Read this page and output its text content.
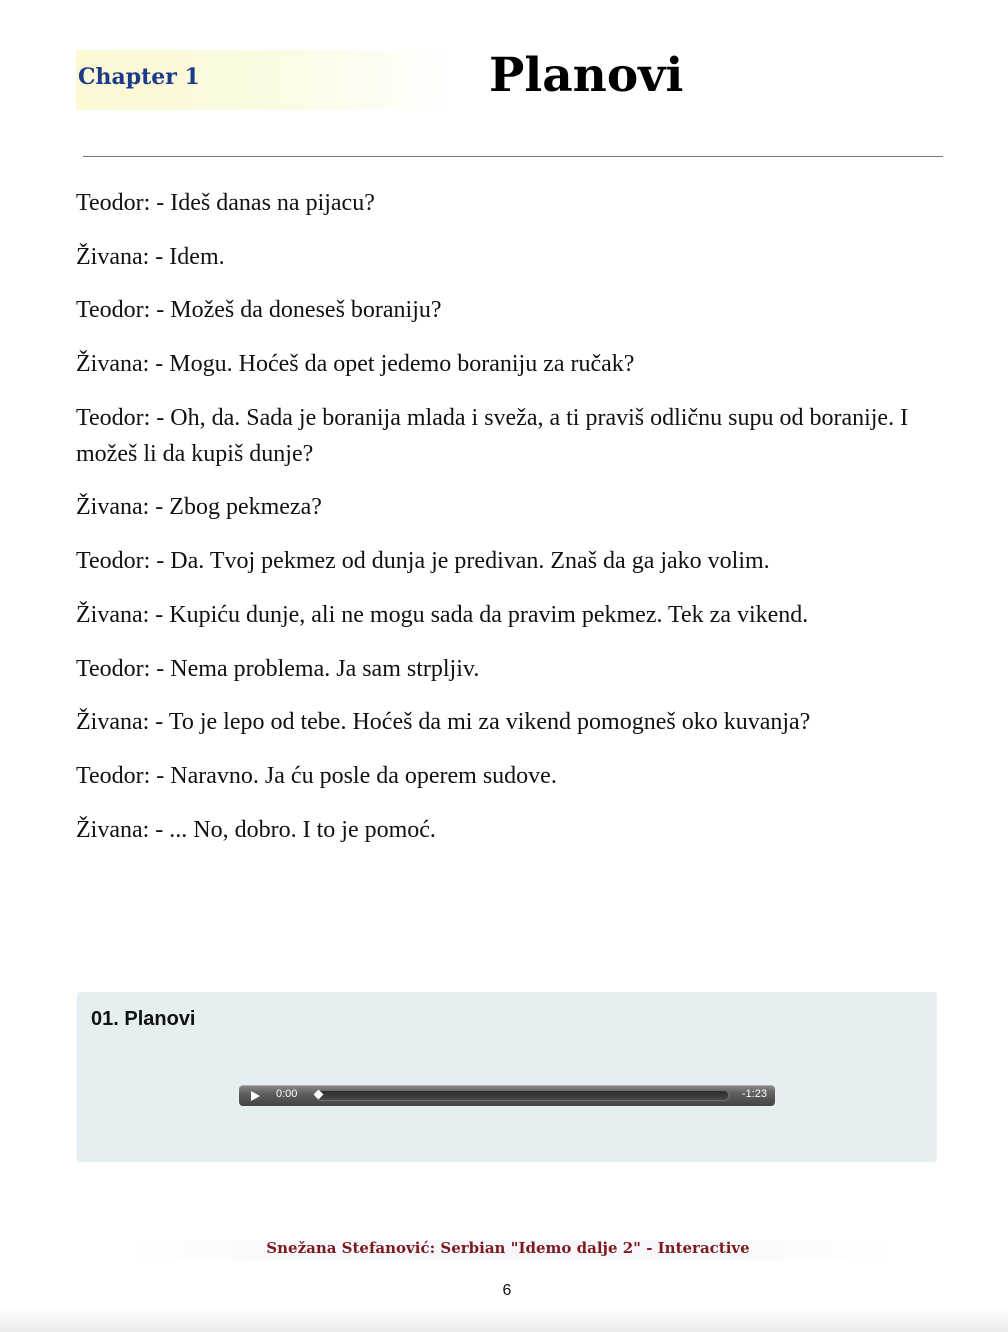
Chapter 1	Planovi

Teodor: - Ideš danas na pijacu?

Živana: - Idem.

Teodor: - Možeš da doneseš boraniju?

Živana: - Mogu. Hoćeš da opet jedemo boraniju za ručak?

Teodor: - Oh, da. Sada je boranija mlada i sveža, a ti praviš odličnu supu od boranije. I možeš li da kupiš dunje?

Živana: - Zbog pekmeza?

Teodor: - Da. Tvoj pekmez od dunja je predivan. Znaš da ga jako volim.

Živana: - Kupiću dunje, ali ne mogu sada da pravim pekmez. Tek za vikend.

Teodor: - Nema problema. Ja sam strpljiv.

Živana: - To je lepo od tebe. Hoćeš da mi za vikend pomogneš oko kuvanja?

Teodor: - Naravno. Ja ću posle da operem sudove.

Živana: - ... No, dobro. I to je pomoć.

01. Planovi
0:00	-1:23
Snežana Stefanović: Serbian "Idemo dalje 2" - Interactive
6
